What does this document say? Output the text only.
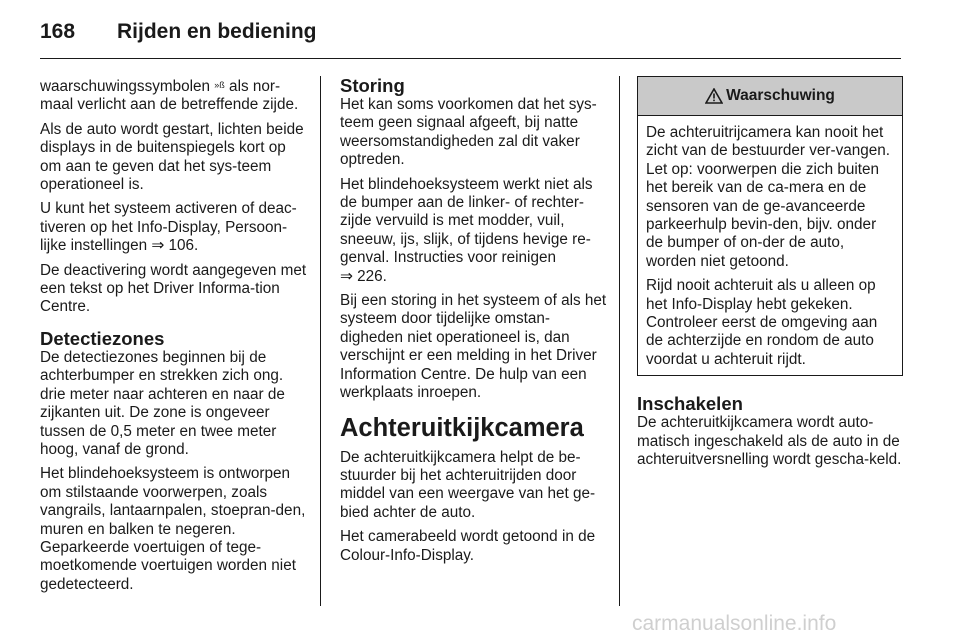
168 Rijden en bediening

waarschuwingssymbolen »ß als nor-maal verlicht aan de betreffende zijde.

Als de auto wordt gestart, lichten beide displays in de buitenspiegels kort op om aan te geven dat het sys-teem operationeel is.

U kunt het systeem activeren of deac-tiveren op het Info-Display, Persoon-lijke instellingen ⇒ 106.

De deactivering wordt aangegeven met een tekst op het Driver Informa-tion Centre.

Detectiezones

De detectiezones beginnen bij de achterbumper en strekken zich ong. drie meter naar achteren en naar de zijkanten uit. De zone is ongeveer tussen de 0,5 meter en twee meter hoog, vanaf de grond.

Het blindehoeksysteem is ontworpen om stilstaande voorwerpen, zoals vangrails, lantaarnpalen, stoepran-den, muren en balken te negeren. Geparkeerde voertuigen of tege-moetkomende voertuigen worden niet gedetecteerd.

Storing

Het kan soms voorkomen dat het sys-teem geen signaal afgeeft, bij natte weersomstandigheden zal dit vaker optreden.

Het blindehoeksysteem werkt niet als de bumper aan de linker- of rechter-zijde vervuild is met modder, vuil, sneeuw, ijs, slijk, of tijdens hevige re-genval. Instructies voor reinigen
⇒ 226.

Bij een storing in het systeem of als het systeem door tijdelijke omstan-digheden niet operationeel is, dan verschijnt er een melding in het Driver Information Centre. De hulp van een werkplaats inroepen.

Achteruitkijkcamera

De achteruitkijkcamera helpt de be-stuurder bij het achteruitrijden door middel van een weergave van het ge-bied achter de auto.

Het camerabeeld wordt getoond in de Colour-Info-Display.

Waarschuwing

De achteruitrijcamera kan nooit het zicht van de bestuurder ver-vangen. Let op: voorwerpen die zich buiten het bereik van de ca-mera en de sensoren van de ge-avanceerde parkeerhulp bevin-den, bijv. onder de bumper of on-der de auto, worden niet getoond.

Rijd nooit achteruit als u alleen op het Info-Display hebt gekeken. Controleer eerst de omgeving aan de achterzijde en rondom de auto voordat u achteruit rijdt.

Inschakelen

De achteruitkijkcamera wordt auto-matisch ingeschakeld als de auto in de achteruitversnelling wordt gescha-keld.

carmanualsonline.info
